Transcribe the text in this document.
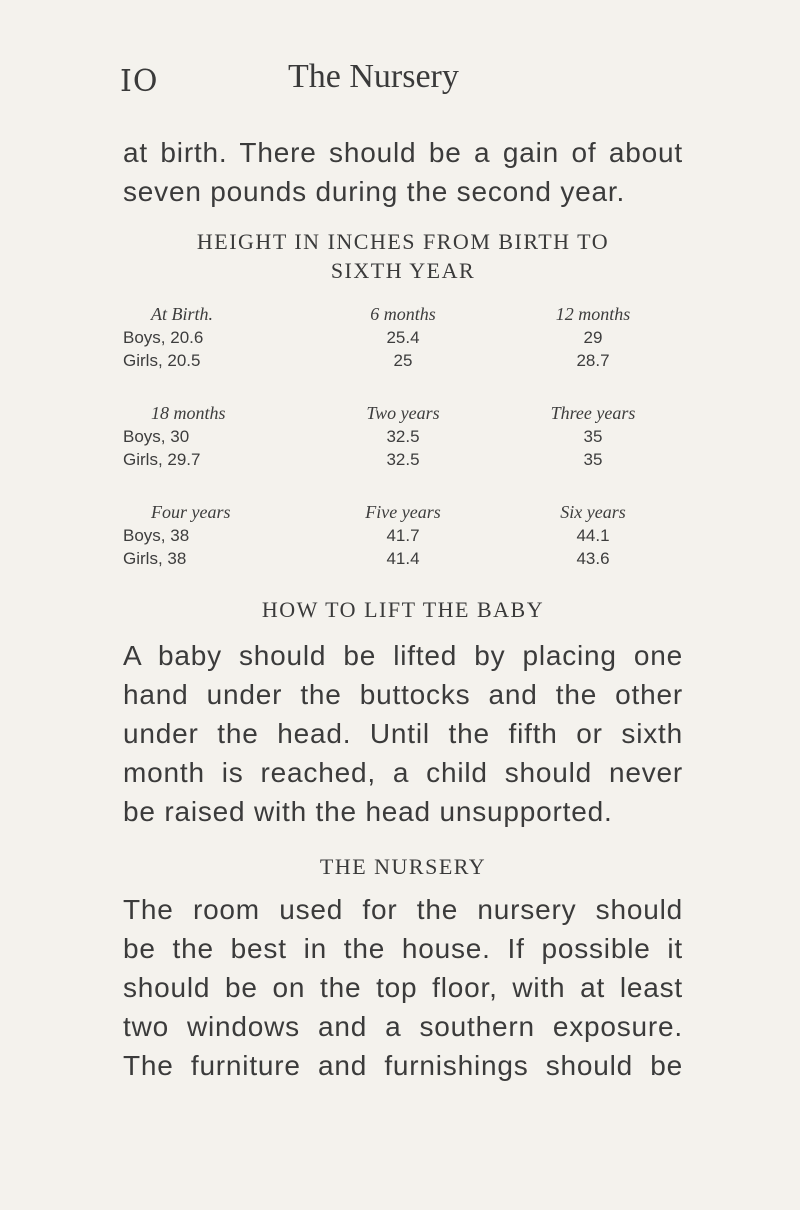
IO	The Nursery
at birth. There should be a gain of about
seven pounds during the second year.
HEIGHT IN INCHES FROM BIRTH TO
SIXTH YEAR
At Birth.
Boys, 20.6
Girls, 20.5
6 months
25.4
25
12 months
29
28.7
18 months
Boys, 30
Girls, 29.7
Two years
32.5
32.5
Three years
35
35
Four years
Boys, 38
Girls, 38
Five years
41.7
41.4
Six years
44.1
43.6
HOW TO LIFT THE BABY
A baby should be lifted by placing one
hand under the buttocks and the other
under the head. Until the fifth or sixth
month is reached, a child should never
be raised with the head unsupported.
THE NURSERY
The room used for the nursery should
be the best in the house. If possible it
should be on the top floor, with at least
two windows and a southern exposure.
The furniture and furnishings should be
